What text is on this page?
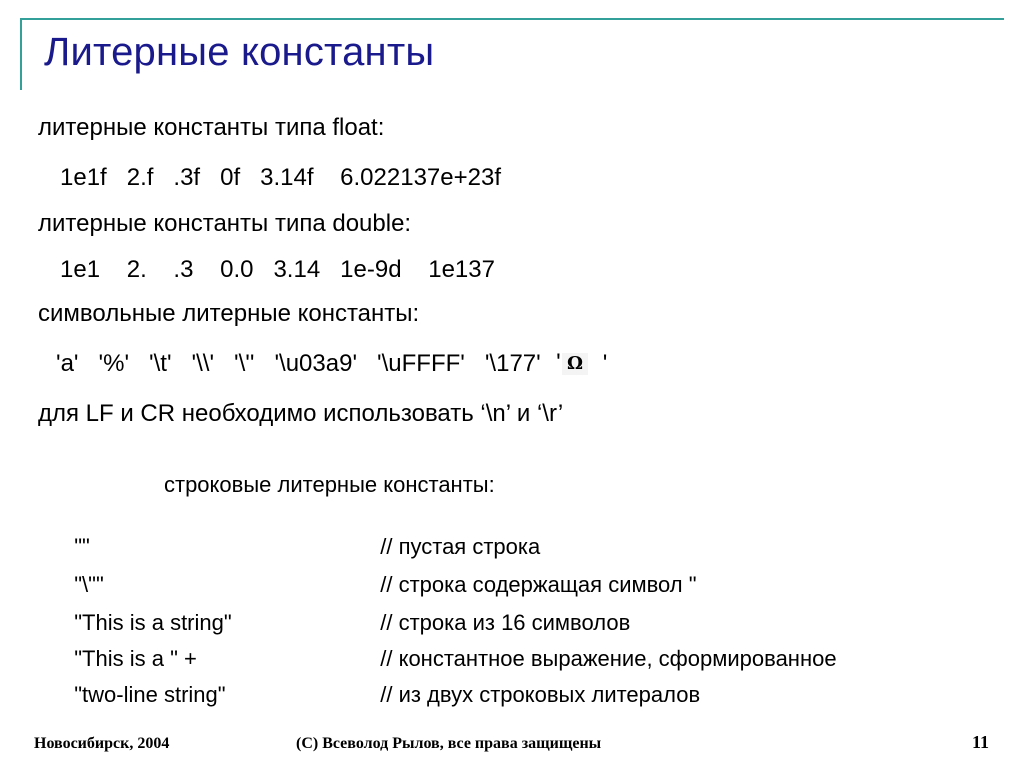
Литерные константы
литерные константы типа float:
1e1f   2.f   .3f   0f   3.14f    6.022137e+23f
литерные константы типа double:
1e1    2.    .3    0.0   3.14   1e-9d    1e137
символьные литерные константы:
'a'   '%'   '\t'   '\\'   '\''   '\u03a9'   '\uFFFF'   '\177'

'

Ω

'
для LF и CR необходимо использовать ‘\n’ и ‘\r’
строковые литерные константы:

""	// пустая строка

"\""	// строка содержащая символ "

"This is a string"	// строка из 16 символов

"This is a " +	// константное выражение, сформированное

"two-line string"	// из двух строковых литералов

Новосибирск, 2004	(С) Всеволод Рылов, все права защищены	11
